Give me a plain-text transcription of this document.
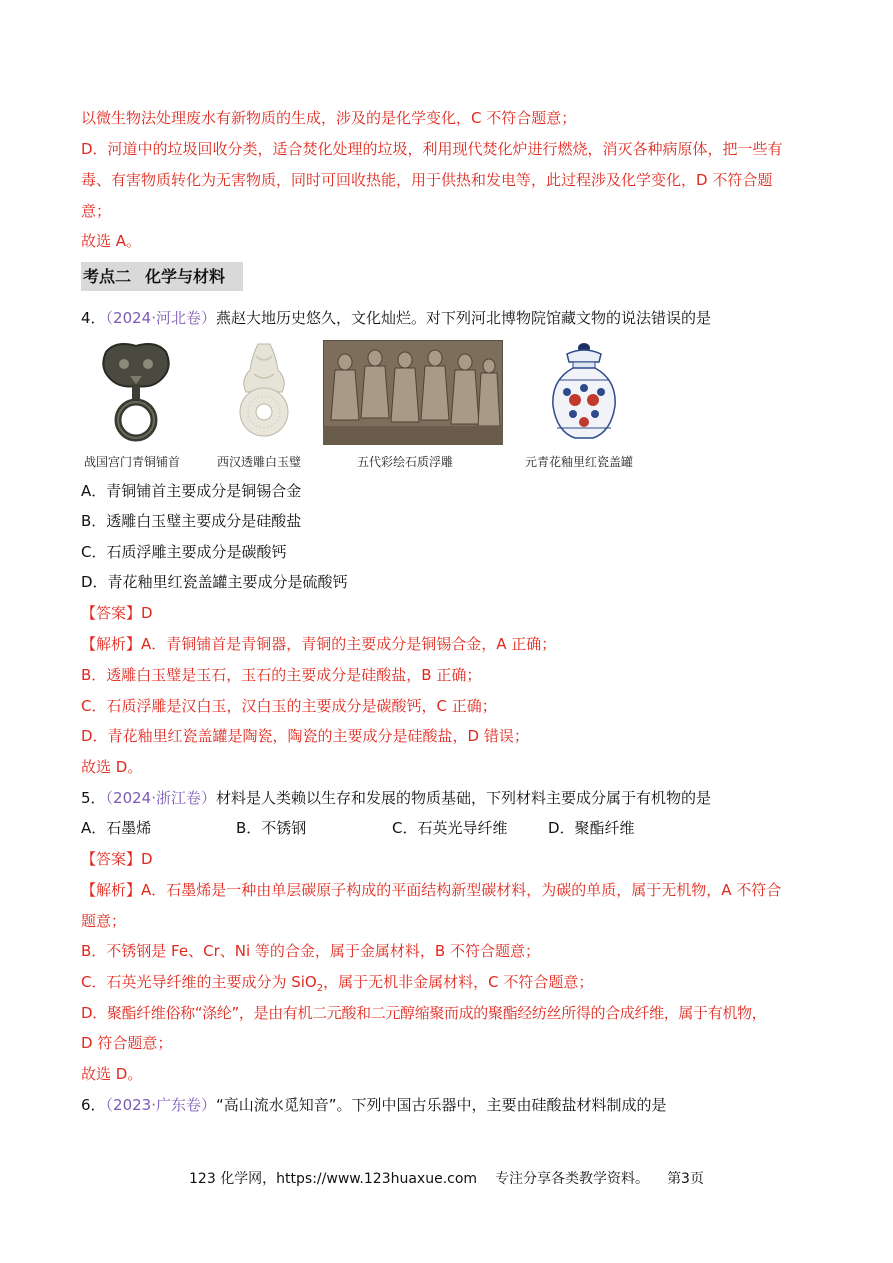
以微生物法处理废水有新物质的生成，涉及的是化学变化，C 不符合题意；
D．河道中的垃圾回收分类，适合焚化处理的垃圾，利用现代焚化炉进行燃烧，消灭各种病原体，把一些有
毒、有害物质转化为无害物质，同时可回收热能，用于供热和发电等，此过程涉及化学变化，D 不符合题
意；
故选 A。
考点二 化学与材料
4．（2024·河北卷）燕赵大地历史悠久，文化灿烂。对下列河北博物院馆藏文物的说法错误的是
战国宫门青铜铺首	西汉透雕白玉璧	五代彩绘石质浮雕	元青花釉里红瓷盖罐
A．青铜铺首主要成分是铜锡合金
B．透雕白玉璧主要成分是硅酸盐
C．石质浮雕主要成分是碳酸钙
D．青花釉里红瓷盖罐主要成分是硫酸钙
【答案】D
【解析】A．青铜铺首是青铜器，青铜的主要成分是铜锡合金，A 正确；
B．透雕白玉璧是玉石，玉石的主要成分是硅酸盐，B 正确；
C．石质浮雕是汉白玉，汉白玉的主要成分是碳酸钙，C 正确；
D．青花釉里红瓷盖罐是陶瓷，陶瓷的主要成分是硅酸盐，D 错误；
故选 D。
5．（2024·浙江卷）材料是人类赖以生存和发展的物质基础，下列材料主要成分属于有机物的是
A．石墨烯	B．不锈钢	C．石英光导纤维	D．聚酯纤维
【答案】D
【解析】A．石墨烯是一种由单层碳原子构成的平面结构新型碳材料，为碳的单质，属于无机物，A 不符合
题意；
B．不锈钢是 Fe、Cr、Ni 等的合金，属于金属材料，B 不符合题意；
C．石英光导纤维的主要成分为 SiO$_2$，属于无机非金属材料，C 不符合题意；
D．聚酯纤维俗称“涤纶”，是由有机二元酸和二元醇缩聚而成的聚酯经纺丝所得的合成纤维，属于有机物，
D 符合题意；
故选 D。
6．（2023·广东卷）“高山流水觅知音”。下列中国古乐器中，主要由硅酸盐材料制成的是
123 化学网，https://www.123huaxue.com 专注分享各类教学资料。 第3页
